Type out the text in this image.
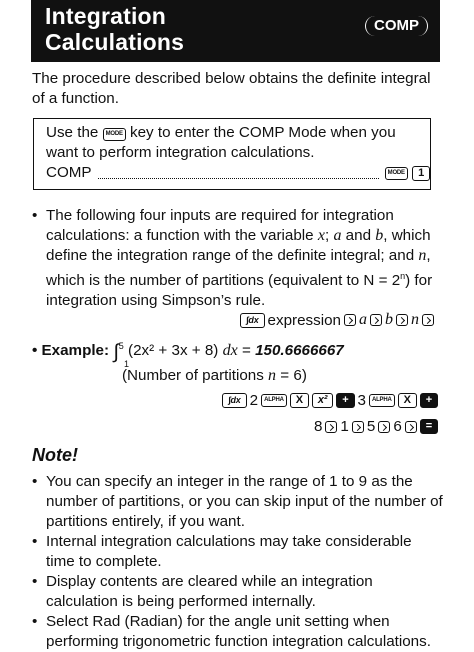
Integration
Calculations
COMP
The procedure described below obtains the definite integral of a function.
Use the MODE key to enter the COMP Mode when you want to perform integration calculations.
COMP	MODE
	1
• The following four inputs are required for integration calculations: a function with the variable x; a and b, which define the integration range of the definite integral; and n, which is the number of partitions (equivalent to $N = 2^n$) for integration using Simpson’s rule.
∫dx expression a b n
• Example: ∫$^5$ (2x² + 3x + 8) dx = 150.6666667
1
(Number of partitions n = 6)
∫dx 2	ALPHA	X	x²	+ 3	ALPHA	X	+
8 1 5 6	=
Note!
• You can specify an integer in the range of 1 to 9 as the number of partitions, or you can skip input of the number of partitions entirely, if you want.
• Internal integration calculations may take considerable time to complete.
• Display contents are cleared while an integration calculation is being performed internally.
• Select Rad (Radian) for the angle unit setting when performing trigonometric function integration calculations.
